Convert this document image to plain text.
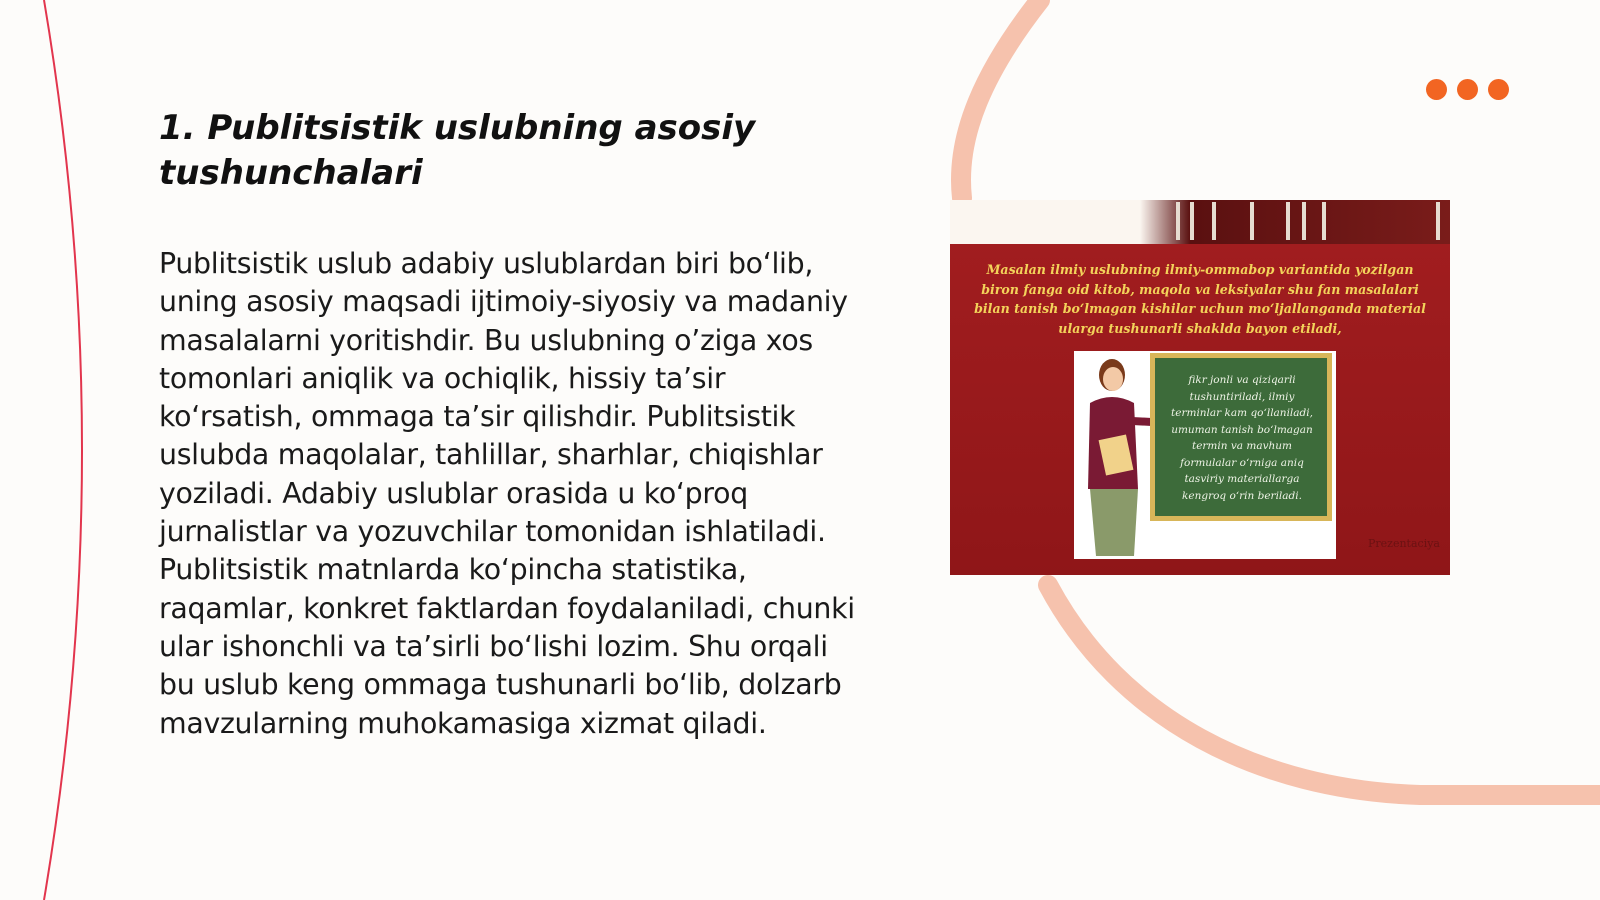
1. Publitsistik uslubning asosiy tushunchalari

Publitsistik uslub adabiy uslublardan biri bo‘lib, uning asosiy maqsadi ijtimoiy-siyosiy va madaniy masalalarni yoritishdir. Bu uslubning o’ziga xos tomonlari aniqlik va ochiqlik, hissiy ta’sir ko‘rsatish, ommaga ta’sir qilishdir. Publitsistik uslubda maqolalar, tahlillar, sharhlar, chiqishlar yoziladi. Adabiy uslublar orasida u ko‘proq jurnalistlar va yozuvchilar tomonidan ishlatiladi. Publitsistik matnlarda ko‘pincha statistika, raqamlar, konkret faktlardan foydalaniladi, chunki ular ishonchli va ta’sirli bo‘lishi lozim. Shu orqali bu uslub keng ommaga tushunarli bo‘lib, dolzarb mavzularning muhokamasiga xizmat qiladi.

Masalan ilmiy uslubning ilmiy-ommabop variantida yozilgan biron fanga oid kitob, maqola va leksiyalar shu fan masalalari bilan tanish bo‘lmagan kishilar uchun mo‘ljallanganda material ularga tushunarli shaklda bayon etiladi,

fikr jonli va qiziqarli tushuntiriladi, ilmiy terminlar kam qo‘llaniladi, umuman tanish bo‘lmagan termin va mavhum formulalar o‘rniga aniq tasviriy materiallarga kengroq o‘rin beriladi.

Prezentaciya
